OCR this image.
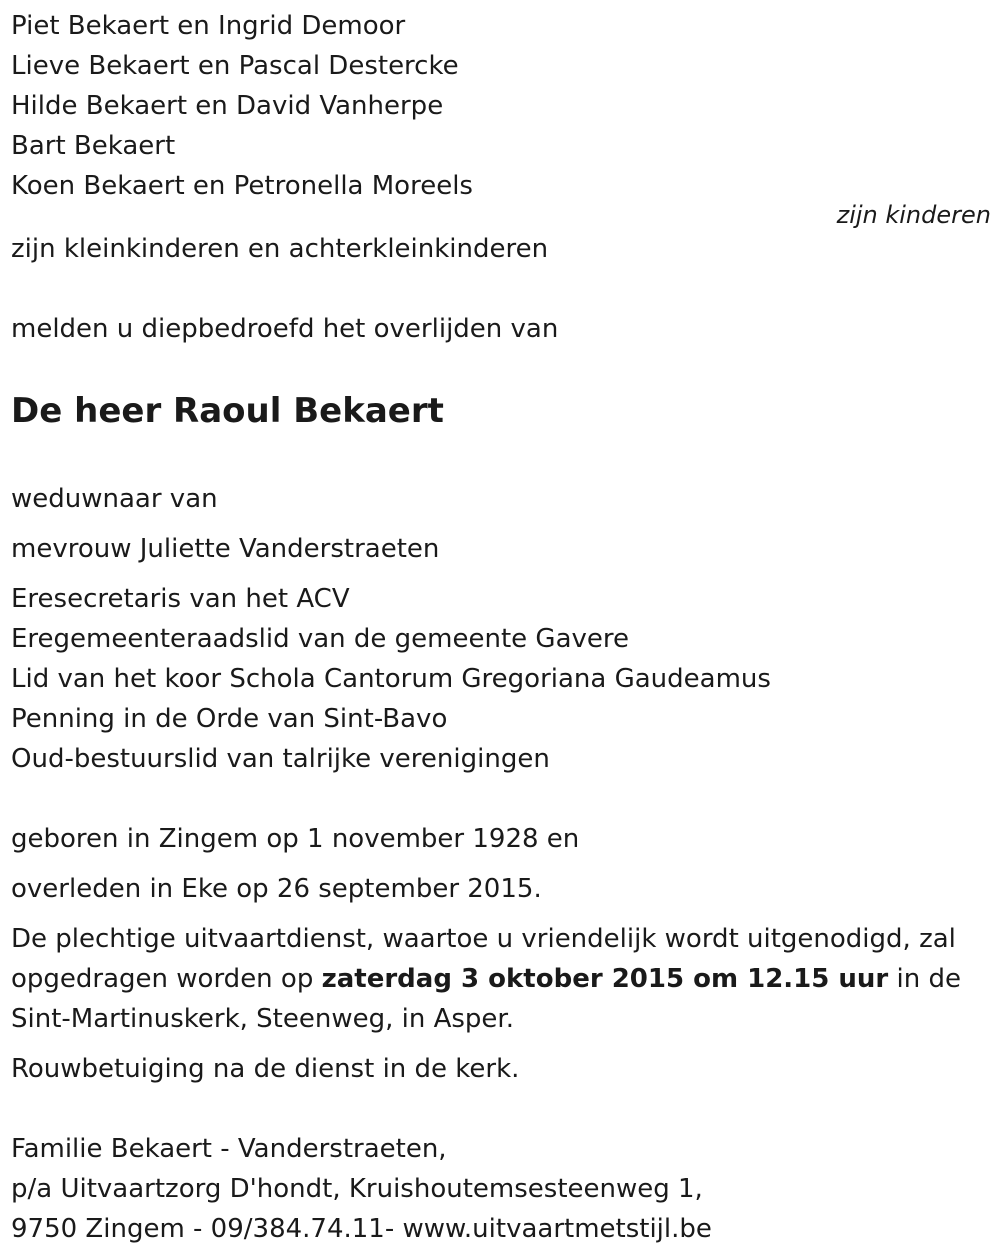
Piet Bekaert en Ingrid Demoor
Lieve Bekaert en Pascal Destercke
Hilde Bekaert en David Vanherpe
Bart Bekaert
Koen Bekaert en Petronella Moreels
zijn kinderen
zijn kleinkinderen en achterkleinkinderen
melden u diepbedroefd het overlijden van
De heer Raoul Bekaert
weduwnaar van
mevrouw Juliette Vanderstraeten
Eresecretaris van het ACV
Eregemeenteraadslid van de gemeente Gavere
Lid van het koor Schola Cantorum Gregoriana Gaudeamus
Penning in de Orde van Sint-Bavo
Oud-bestuurslid van talrijke verenigingen
geboren in Zingem op 1 november 1928 en
overleden in Eke op 26 september 2015.
De plechtige uitvaartdienst, waartoe u vriendelijk wordt uitgenodigd, zal opgedragen worden op zaterdag 3 oktober 2015 om 12.15 uur in de Sint-Martinuskerk, Steenweg, in Asper.
Rouwbetuiging na de dienst in de kerk.
Familie Bekaert - Vanderstraeten,
p/a Uitvaartzorg D'hondt, Kruishoutemsesteenweg 1,
9750 Zingem - 09/384.74.11- www.uitvaartmetstijl.be
